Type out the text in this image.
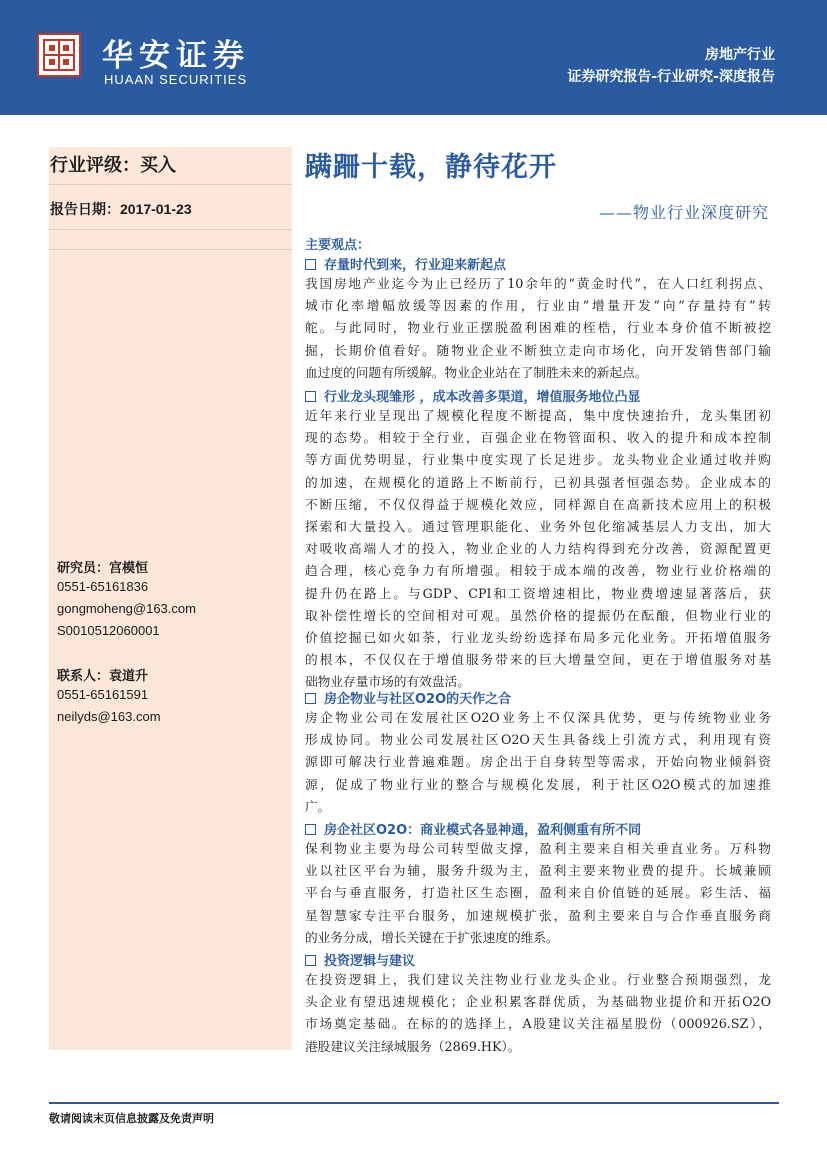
华安证券
HUAAN SECURITIES
房地产行业
证券研究报告-行业研究-深度报告
行业评级：买入
报告日期：2017-01-23
研究员：宫模恒
0551-65161836
gongmoheng@163.com
S0010512060001
联系人：袁道升
0551-65161591
neilyds@163.com
蹒跚十载，静待花开
——物业行业深度研究
主要观点：
存量时代到来，行业迎来新起点
我国房地产业迄今为止已经历了10余年的“黄金时代”，在人口红利拐点、
城市化率增幅放缓等因素的作用，行业由“增量开发”向“存量持有”转
舵。与此同时，物业行业正摆脱盈利困难的桎梏，行业本身价值不断被挖
掘，长期价值看好。随物业企业不断独立走向市场化，向开发销售部门输
血过度的问题有所缓解。物业企业站在了制胜未来的新起点。
行业龙头现雏形 ，成本改善多渠道，增值服务地位凸显
近年来行业呈现出了规模化程度不断提高，集中度快速抬升，龙头集团初
现的态势。相较于全行业，百强企业在物管面积、收入的提升和成本控制
等方面优势明显，行业集中度实现了长足进步。龙头物业企业通过收并购
的加速，在规模化的道路上不断前行，已初具强者恒强态势。企业成本的
不断压缩，不仅仅得益于规模化效应，同样源自在高新技术应用上的积极
探索和大量投入。通过管理职能化、业务外包化缩减基层人力支出，加大
对吸收高端人才的投入，物业企业的人力结构得到充分改善，资源配置更
趋合理，核心竞争力有所增强。相较于成本端的改善，物业行业价格端的
提升仍在路上。与GDP、CPI和工资增速相比，物业费增速显著落后，获
取补偿性增长的空间相对可观。虽然价格的提振仍在酝酿，但物业行业的
价值挖掘已如火如荼，行业龙头纷纷选择布局多元化业务。开拓增值服务
的根本，不仅仅在于增值服务带来的巨大增量空间，更在于增值服务对基
础物业存量市场的有效盘活。
房企物业与社区O2O的天作之合
房企物业公司在发展社区O2O业务上不仅深具优势，更与传统物业业务
形成协同。物业公司发展社区O2O天生具备线上引流方式，利用现有资
源即可解决行业普遍难题。房企出于自身转型等需求，开始向物业倾斜资
源，促成了物业行业的整合与规模化发展，利于社区O2O模式的加速推
广。
房企社区O2O：商业模式各显神通，盈利侧重有所不同
保利物业主要为母公司转型做支撑，盈利主要来自相关垂直业务。万科物
业以社区平台为辅，服务升级为主，盈利主要来物业费的提升。长城兼顾
平台与垂直服务，打造社区生态圈，盈利来自价值链的延展。彩生活、福
星智慧家专注平台服务，加速规模扩张，盈利主要来自与合作垂直服务商
的业务分成，增长关键在于扩张速度的维系。
投资逻辑与建议
在投资逻辑上，我们建议关注物业行业龙头企业。行业整合预期强烈，龙
头企业有望迅速规模化；企业积累客群优质，为基础物业提价和开拓O2O
市场奠定基础。在标的的选择上，A股建议关注福星股份（000926.SZ），
港股建议关注绿城服务（2869.HK）。
敬请阅读末页信息披露及免责声明
